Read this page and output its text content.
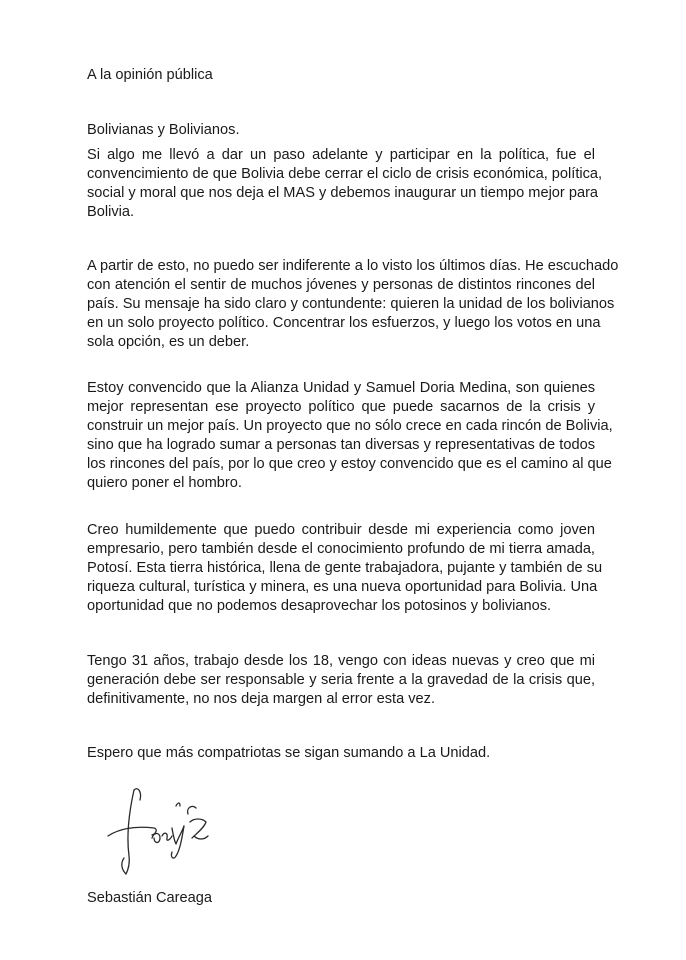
A la opinión pública

Bolivianas y Bolivianos.

Si algo me llevó a dar un paso adelante y participar en la política, fue el
convencimiento de que Bolivia debe cerrar el ciclo de crisis económica, política,
social y moral que nos deja el MAS y debemos inaugurar un tiempo mejor para
Bolivia.
A partir de esto, no puedo ser indiferente a lo visto los últimos días. He escuchado
con atención el sentir de muchos jóvenes y personas de distintos rincones del
país. Su mensaje ha sido claro y contundente: quieren la unidad de los bolivianos
en un solo proyecto político. Concentrar los esfuerzos, y luego los votos en una
sola opción, es un deber.
Estoy convencido que la Alianza Unidad y Samuel Doria Medina, son quienes
mejor representan ese proyecto político que puede sacarnos de la crisis y
construir un mejor país. Un proyecto que no sólo crece en cada rincón de Bolivia,
sino que ha logrado sumar a personas tan diversas y representativas de todos
los rincones del país, por lo que creo y estoy convencido que es el camino al que
quiero poner el hombro.
Creo humildemente que puedo contribuir desde mi experiencia como joven
empresario, pero también desde el conocimiento profundo de mi tierra amada,
Potosí. Esta tierra histórica, llena de gente trabajadora, pujante y también de su
riqueza cultural, turística y minera, es una nueva oportunidad para Bolivia. Una
oportunidad que no podemos desaprovechar los potosinos y bolivianos.
Tengo 31 años, trabajo desde los 18, vengo con ideas nuevas y creo que mi
generación debe ser responsable y seria frente a la gravedad de la crisis que,
definitivamente, no nos deja margen al error esta vez.

Espero que más compatriotas se sigan sumando a La Unidad.

Sebastián Careaga
